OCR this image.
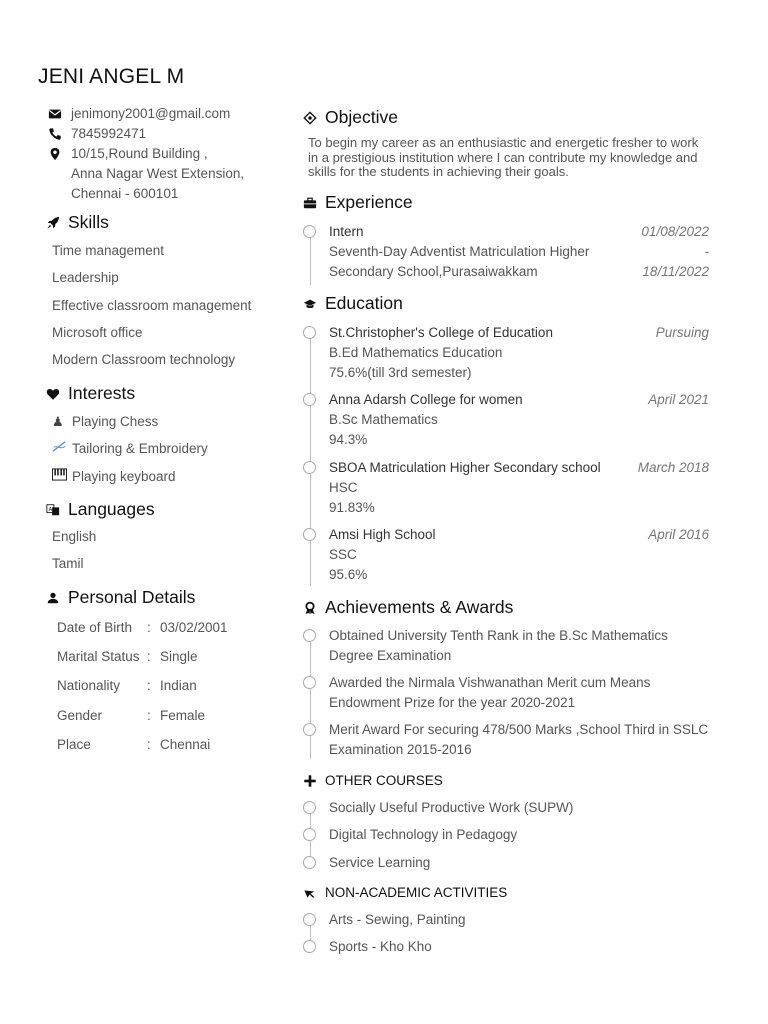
JENI ANGEL M
jenimony2001@gmail.com
7845992471
10/15,Round Building ,
Anna Nagar West Extension,
Chennai - 600101
Skills
Time management
Leadership
Effective classroom management
Microsoft office
Modern Classroom technology
Interests
♟ Playing Chess
Tailoring & Embroidery
Playing keyboard
A Languages
English
Tamil
Personal Details
Date of Birth	: 03/02/2001
Marital Status : Single
Nationality	: Indian
Gender	: Female
Place	: Chennai
Objective
To begin my career as an enthusiastic and energetic fresher to work in a prestigious institution where I can contribute my knowledge and skills for the students in achieving their goals.
Experience
Intern
Seventh-Day Adventist Matriculation Higher
Secondary School,Purasaiwakkam
01/08/2022
-
18/11/2022
Education
St.Christopher's College of Education
B.Ed Mathematics Education
75.6%(till 3rd semester)
Pursuing
Anna Adarsh College for women
B.Sc Mathematics
94.3%
April 2021
SBOA Matriculation Higher Secondary school
HSC
91.83%
March 2018
Amsi High School
SSC
95.6%
April 2016
Achievements & Awards
Obtained University Tenth Rank in the B.Sc Mathematics
Degree Examination
Awarded the Nirmala Vishwanathan Merit cum Means
Endowment Prize for the year 2020-2021
Merit Award For securing 478/500 Marks ,School Third in SSLC
Examination 2015-2016
OTHER COURSES
Socially Useful Productive Work (SUPW)
Digital Technology in Pedagogy
Service Learning
NON-ACADEMIC ACTIVITIES
Arts - Sewing, Painting
Sports - Kho Kho
